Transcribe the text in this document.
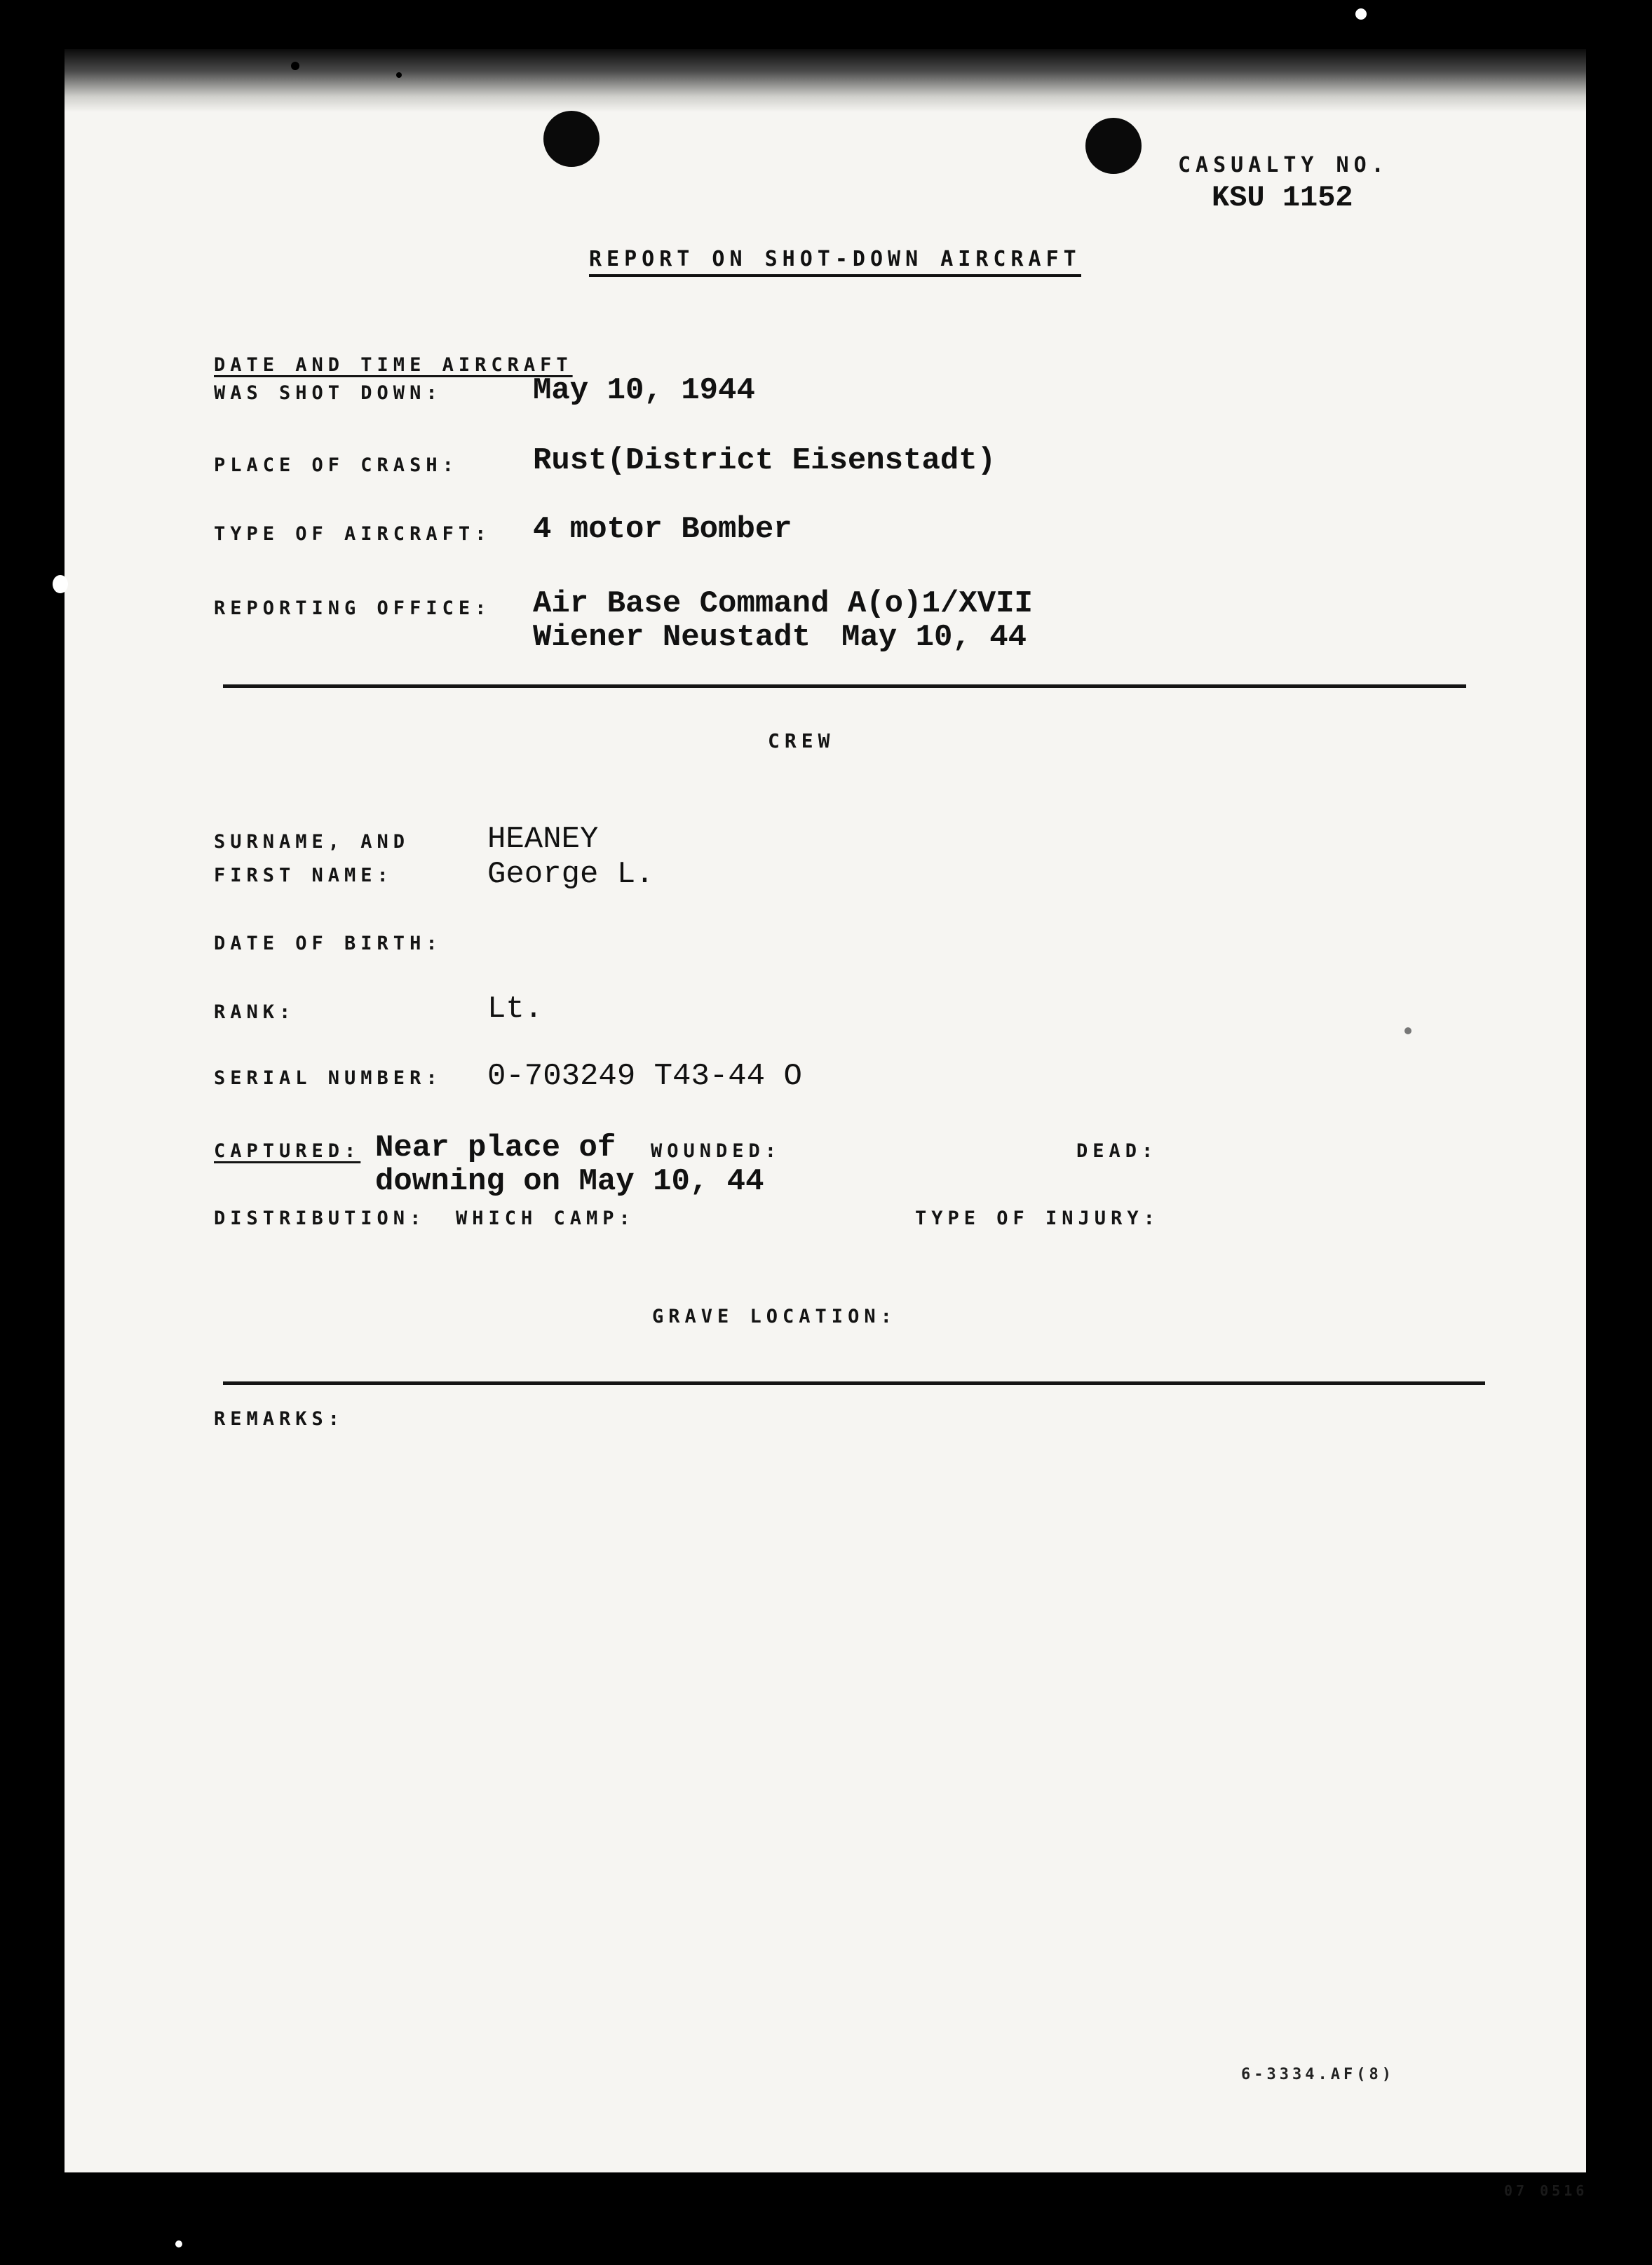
CASUALTY NO.
KSU 1152
REPORT ON SHOT-DOWN AIRCRAFT
DATE AND TIME AIRCRAFT
WAS SHOT DOWN:	May 10, 1944
PLACE OF CRASH: Rust(District Eisenstadt)
TYPE OF AIRCRAFT: 4 motor Bomber
REPORTING OFFICE: Air Base Command A(o)1/XVII
Wiener Neustadt May 10, 44
CREW
SURNAME, AND	HEANEY
FIRST NAME:	George L.
DATE OF BIRTH:
RANK:	Lt.
SERIAL NUMBER: 0-703249 T43-44 O
CAPTURED: Near place of
downing on May 10, 44
WOUNDED:	DEAD:
DISTRIBUTION: WHICH CAMP:	TYPE OF INJURY:
GRAVE LOCATION:
REMARKS:
6-3334.AF(8)
07 0516
